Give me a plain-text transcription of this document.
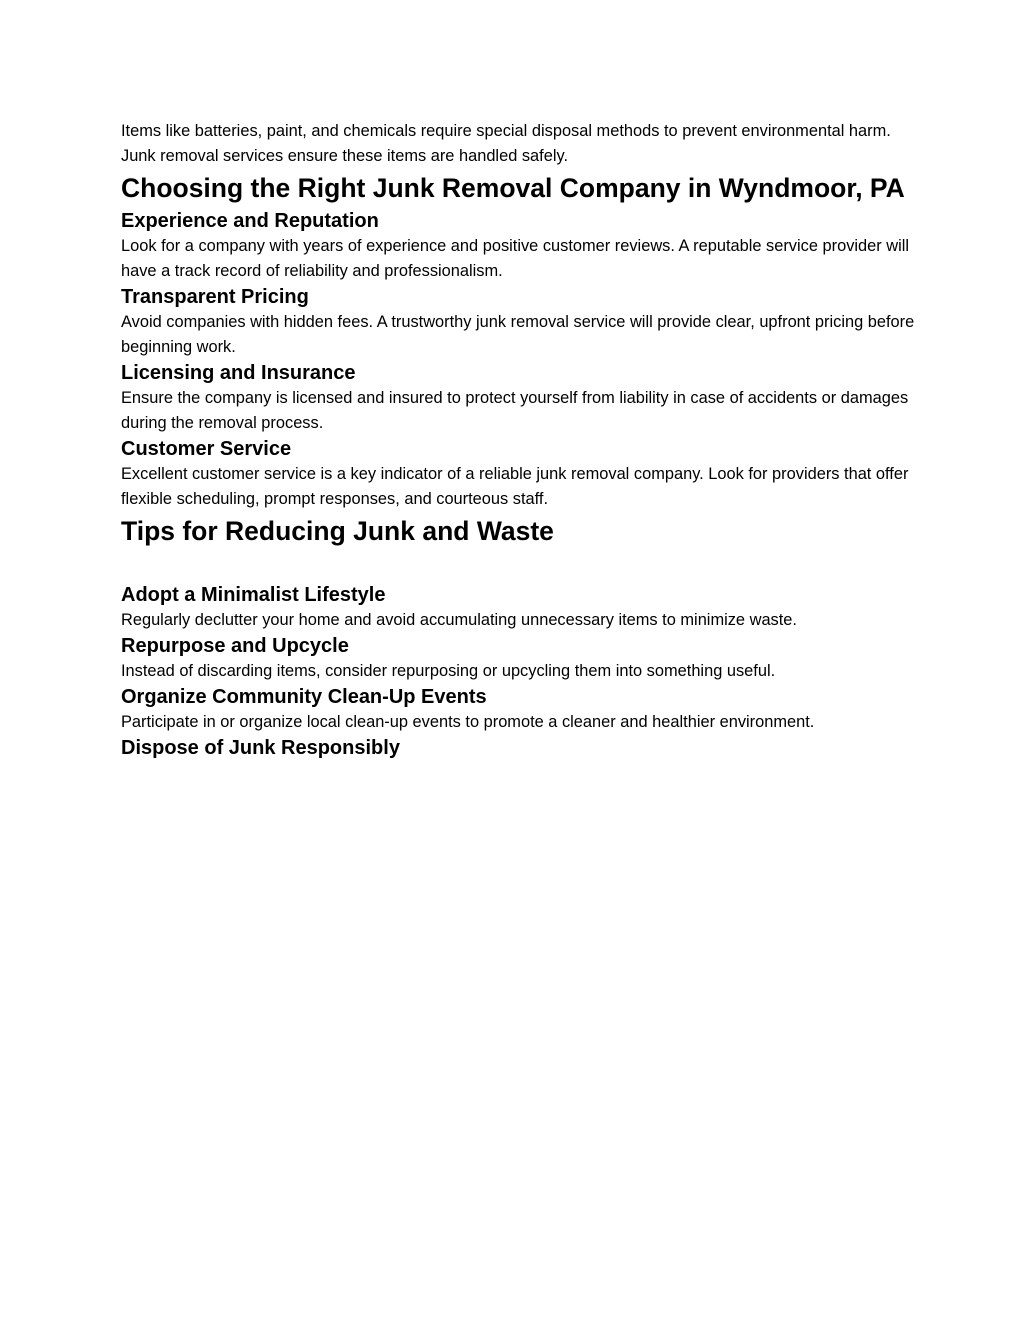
Items like batteries, paint, and chemicals require special disposal methods to prevent environmental harm. Junk removal services ensure these items are handled safely.

Choosing the Right Junk Removal Company in Wyndmoor, PA
Experience and Reputation

Look for a company with years of experience and positive customer reviews. A reputable service provider will have a track record of reliability and professionalism.

Transparent Pricing

Avoid companies with hidden fees. A trustworthy junk removal service will provide clear, upfront pricing before beginning work.

Licensing and Insurance

Ensure the company is licensed and insured to protect yourself from liability in case of accidents or damages during the removal process.

Customer Service

Excellent customer service is a key indicator of a reliable junk removal company. Look for providers that offer flexible scheduling, prompt responses, and courteous staff.

Tips for Reducing Junk and Waste
Adopt a Minimalist Lifestyle

Regularly declutter your home and avoid accumulating unnecessary items to minimize waste.

Repurpose and Upcycle

Instead of discarding items, consider repurposing or upcycling them into something useful.

Organize Community Clean-Up Events

Participate in or organize local clean-up events to promote a cleaner and healthier environment.

Dispose of Junk Responsibly
